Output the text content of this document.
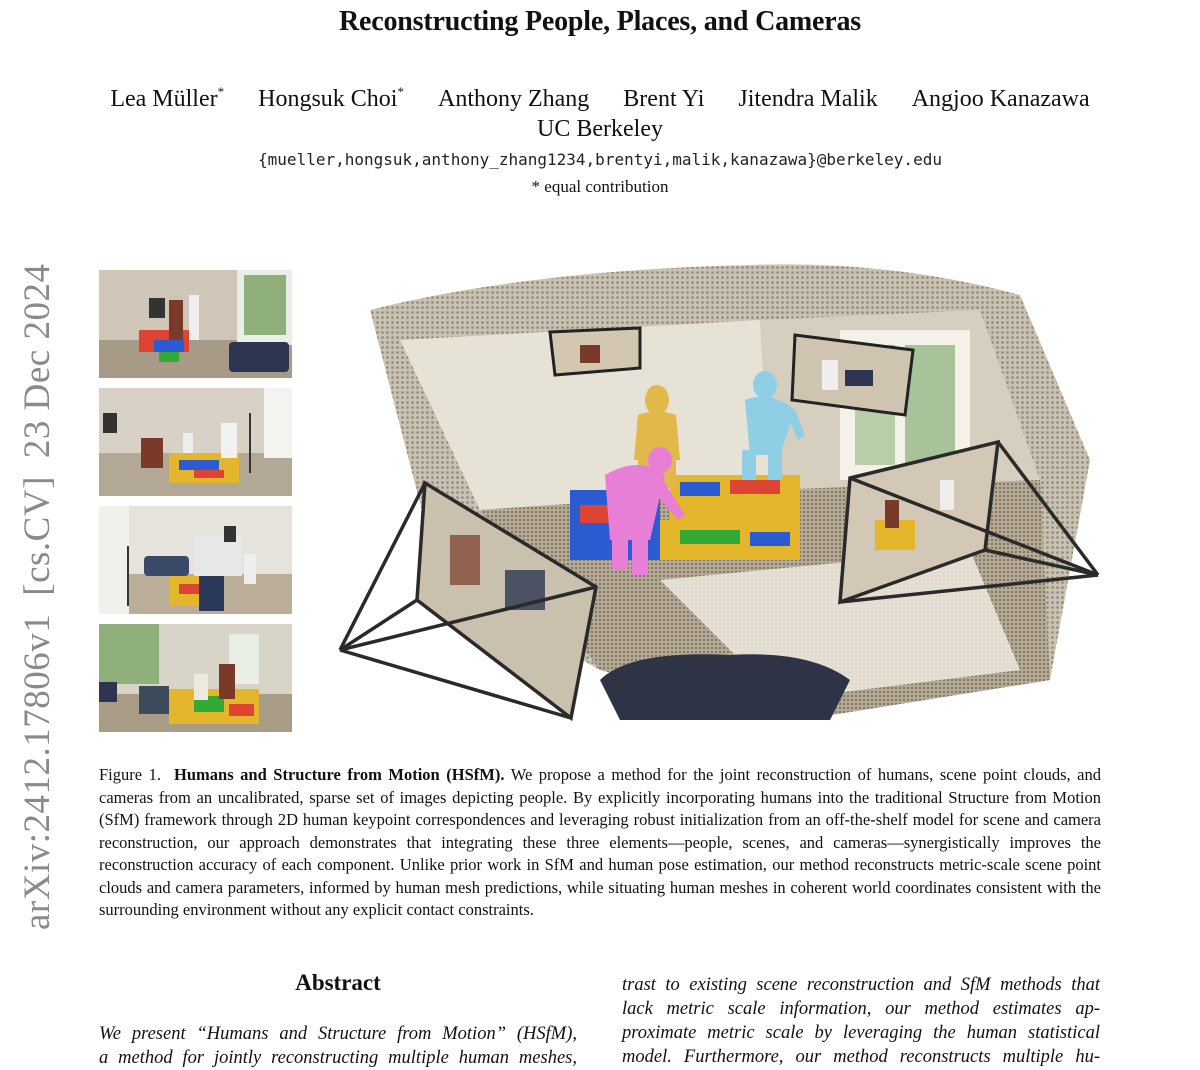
Reconstructing People, Places, and Cameras
Lea Müller* Hongsuk Choi* Anthony Zhang Brent Yi Jitendra Malik Angjoo Kanazawa
UC Berkeley
{mueller,hongsuk,anthony_zhang1234,brentyi,malik,kanazawa}@berkeley.edu
* equal contribution
arXiv:2412.17806v1[cs.CV]23 Dec 2024
Figure 1. Humans and Structure from Motion (HSfM). We propose a method for the joint reconstruction of humans, scene point clouds, and cameras from an uncalibrated, sparse set of images depicting people. By explicitly incorporating humans into the traditional Structure from Motion (SfM) framework through 2D human keypoint correspondences and leveraging robust initialization from an off-the-shelf model for scene and camera reconstruction, our approach demonstrates that integrating these three elements—people, scenes, and cameras—synergistically improves the reconstruction accuracy of each component. Unlike prior work in SfM and human pose estimation, our method reconstructs metric-scale scene point clouds and camera parameters, informed by human mesh predictions, while situating human meshes in coherent world coordinates consistent with the surrounding environment without any explicit contact constraints.
Abstract
We present “Humans and Structure from Motion” (HSfM),
a method for jointly reconstructing multiple human meshes,
trast to existing scene reconstruction and SfM methods that
lack metric scale information, our method estimates ap-
proximate metric scale by leveraging the human statistical
model. Furthermore, our method reconstructs multiple hu-
